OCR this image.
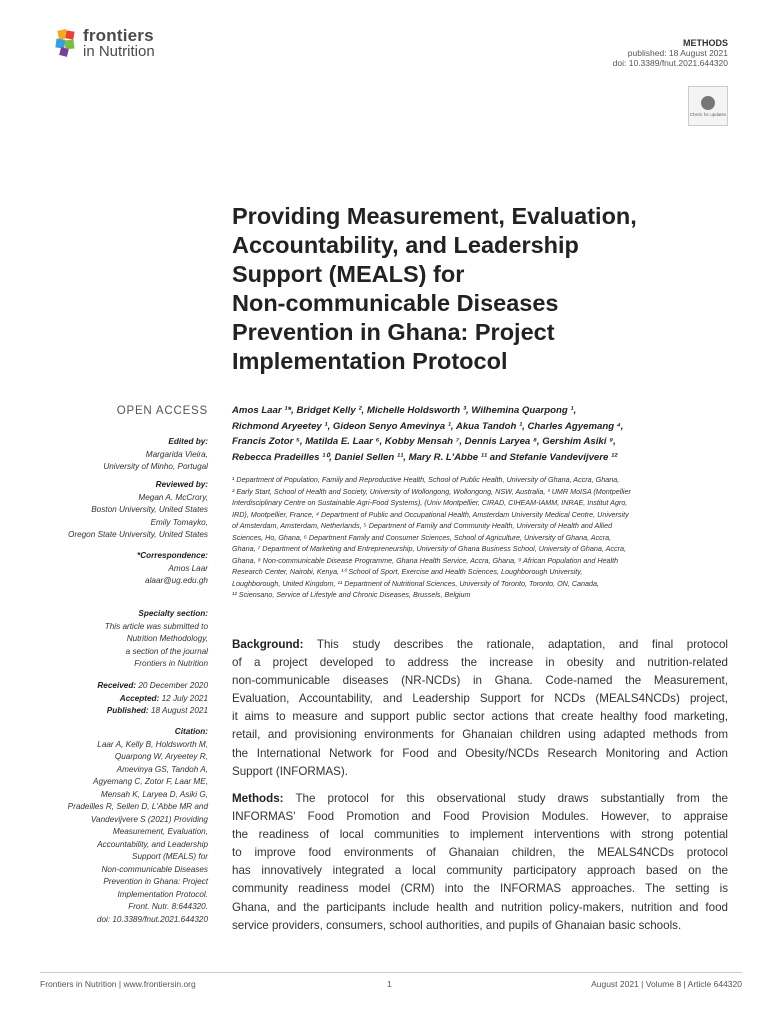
frontiers
in Nutrition	METHODS
published: 18 August 2021
doi: 10.3389/fnut.2021.644320
Check for updates
Providing Measurement, Evaluation,
Accountability, and Leadership
Support (MEALS) for
Non-communicable Diseases
Prevention in Ghana: Project
Implementation Protocol
OPEN ACCESS
Edited by:
Margarida Vieira,
University of Minho, Portugal
Reviewed by:
Megan A. McCrory,
Boston University, United States
Emily Tomayko,
Oregon State University, United States
*Correspondence:
Amos Laar
alaar@ug.edu.gh
Specialty section:
This article was submitted to
Nutrition Methodology,
a section of the journal
Frontiers in Nutrition
Received: 20 December 2020
Accepted: 12 July 2021
Published: 18 August 2021
Citation:
Laar A, Kelly B, Holdsworth M,
Quarpong W, Aryeetey R,
Amevinya GS, Tandoh A,
Agyemang C, Zotor F, Laar ME,
Mensah K, Laryea D, Asiki G,
Pradeilles R, Sellen D, L'Abbe MR and
Vandevijvere S (2021) Providing
Measurement, Evaluation,
Accountability, and Leadership
Support (MEALS) for
Non-communicable Diseases
Prevention in Ghana: Project
Implementation Protocol.
Front. Nutr. 8:644320.
doi: 10.3389/fnut.2021.644320
Amos Laar ¹*, Bridget Kelly ², Michelle Holdsworth ³, Wilhemina Quarpong ¹,
Richmond Aryeetey ¹, Gideon Senyo Amevinya ¹, Akua Tandoh ¹, Charles Agyemang ⁴,
Francis Zotor ⁵, Matilda E. Laar ⁶, Kobby Mensah ⁷, Dennis Laryea ⁸, Gershim Asiki ⁹,
Rebecca Pradeilles ¹⁰, Daniel Sellen ¹¹, Mary R. L'Abbe ¹¹ and Stefanie Vandevijvere ¹²
¹ Department of Population, Family and Reproductive Health, School of Public Health, University of Ghana, Accra, Ghana,
² Early Start, School of Health and Society, University of Wollongong, Wollongong, NSW, Australia, ³ UMR MoISA (Montpellier
Interdisciplinary Centre on Sustainable Agri-Food Systems), (Univ Montpellier, CIRAD, CIHEAM-IAMM, INRAE, Institut Agro,
IRD), Montpellier, France, ⁴ Department of Public and Occupational Health, Amsterdam University Medical Centre, University
of Amsterdam, Amsterdam, Netherlands, ⁵ Department of Family and Community Health, University of Health and Allied
Sciences, Ho, Ghana, ⁶ Department Family and Consumer Sciences, School of Agriculture, University of Ghana, Accra,
Ghana, ⁷ Department of Marketing and Entrepreneurship, University of Ghana Business School, University of Ghana, Accra,
Ghana, ⁸ Non-communicable Disease Programme, Ghana Health Service, Accra, Ghana, ⁹ African Population and Health
Research Center, Nairobi, Kenya, ¹⁰ School of Sport, Exercise and Health Sciences, Loughborough University,
Loughborough, United Kingdom, ¹¹ Department of Nutritional Sciences, University of Toronto, Toronto, ON, Canada,
¹² Sciensano, Service of Lifestyle and Chronic Diseases, Brussels, Belgium
Background: This study describes the rationale, adaptation, and final protocol
of a project developed to address the increase in obesity and nutrition-related
non-communicable diseases (NR-NCDs) in Ghana. Code-named the Measurement,
Evaluation, Accountability, and Leadership Support for NCDs (MEALS4NCDs) project,
it aims to measure and support public sector actions that create healthy food marketing,
retail, and provisioning environments for Ghanaian children using adapted methods from
the International Network for Food and Obesity/NCDs Research Monitoring and Action
Support (INFORMAS).
Methods: The protocol for this observational study draws substantially from the
INFORMAS' Food Promotion and Food Provision Modules. However, to appraise
the readiness of local communities to implement interventions with strong potential
to improve food environments of Ghanaian children, the MEALS4NCDs protocol
has innovatively integrated a local community participatory approach based on the
community readiness model (CRM) into the INFORMAS approaches. The setting is
Ghana, and the participants include health and nutrition policy-makers, nutrition and food
service providers, consumers, school authorities, and pupils of Ghanaian basic schools.
Frontiers in Nutrition | www.frontiersin.org	1	August 2021 | Volume 8 | Article 644320
